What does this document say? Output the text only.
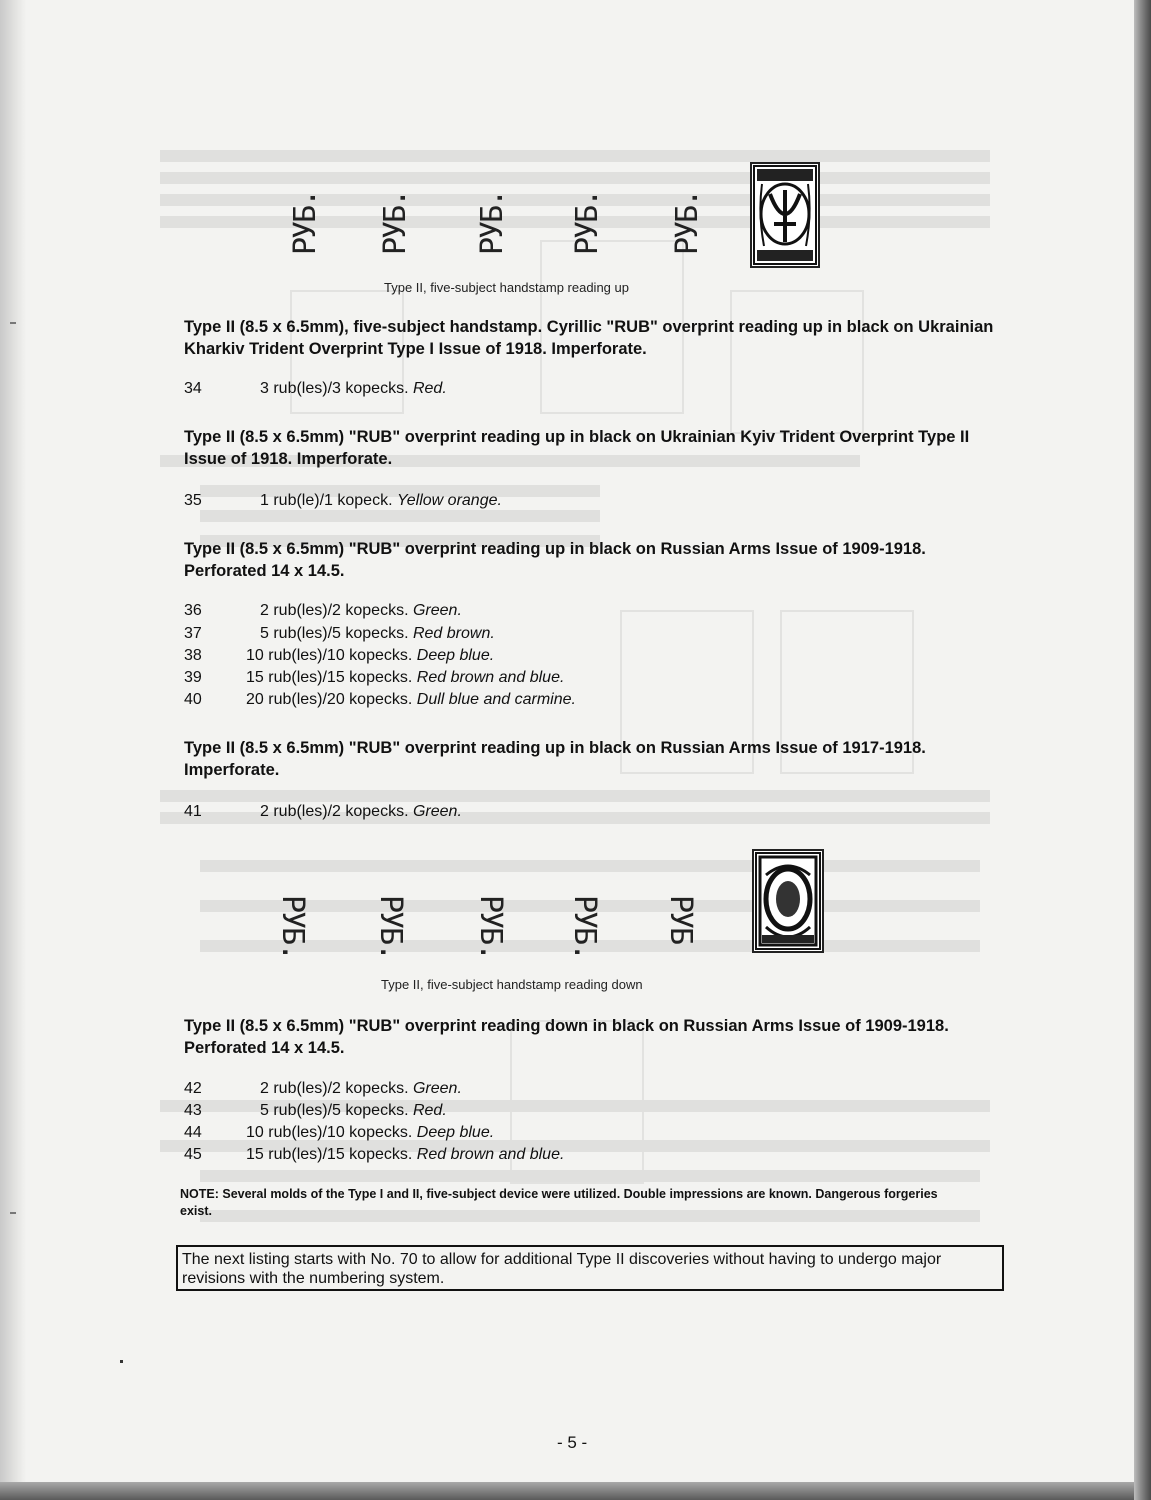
РУБ. РУБ. РУБ. РУБ. РУБ.
Type II, five-subject handstamp reading up
Type II (8.5 x 6.5mm), five-subject handstamp. Cyrillic "RUB" overprint reading up in black on Ukrainian Kharkiv Trident Overprint Type I Issue of 1918. Imperforate.
34	3 rub(les)/3 kopecks. Red.
Type II (8.5 x 6.5mm) "RUB" overprint reading up in black on Ukrainian Kyiv Trident Overprint Type II Issue of 1918. Imperforate.
35	1 rub(le)/1 kopeck. Yellow orange.
Type II (8.5 x 6.5mm) "RUB" overprint reading up in black on Russian Arms Issue of 1909-1918. Perforated 14 x 14.5.
36	2 rub(les)/2 kopecks. Green.
37	5 rub(les)/5 kopecks. Red brown.
38	10 rub(les)/10 kopecks. Deep blue.
39	15 rub(les)/15 kopecks. Red brown and blue.
40	20 rub(les)/20 kopecks. Dull blue and carmine.
Type II (8.5 x 6.5mm) "RUB" overprint reading up in black on Russian Arms Issue of 1917-1918. Imperforate.
41	2 rub(les)/2 kopecks. Green.
РУБ. РУБ. РУБ. РУБ. РУБ
Type II, five-subject handstamp reading down
Type II (8.5 x 6.5mm) "RUB" overprint reading down in black on Russian Arms Issue of 1909-1918. Perforated 14 x 14.5.
42	2 rub(les)/2 kopecks. Green.
43	5 rub(les)/5 kopecks. Red.
44	10 rub(les)/10 kopecks. Deep blue.
45	15 rub(les)/15 kopecks. Red brown and blue.
NOTE: Several molds of the Type I and II, five-subject device were utilized. Double impressions are known. Dangerous forgeries exist.
The next listing starts with No. 70 to allow for additional Type II discoveries without having to undergo major revisions with the numbering system.
- 5 -
